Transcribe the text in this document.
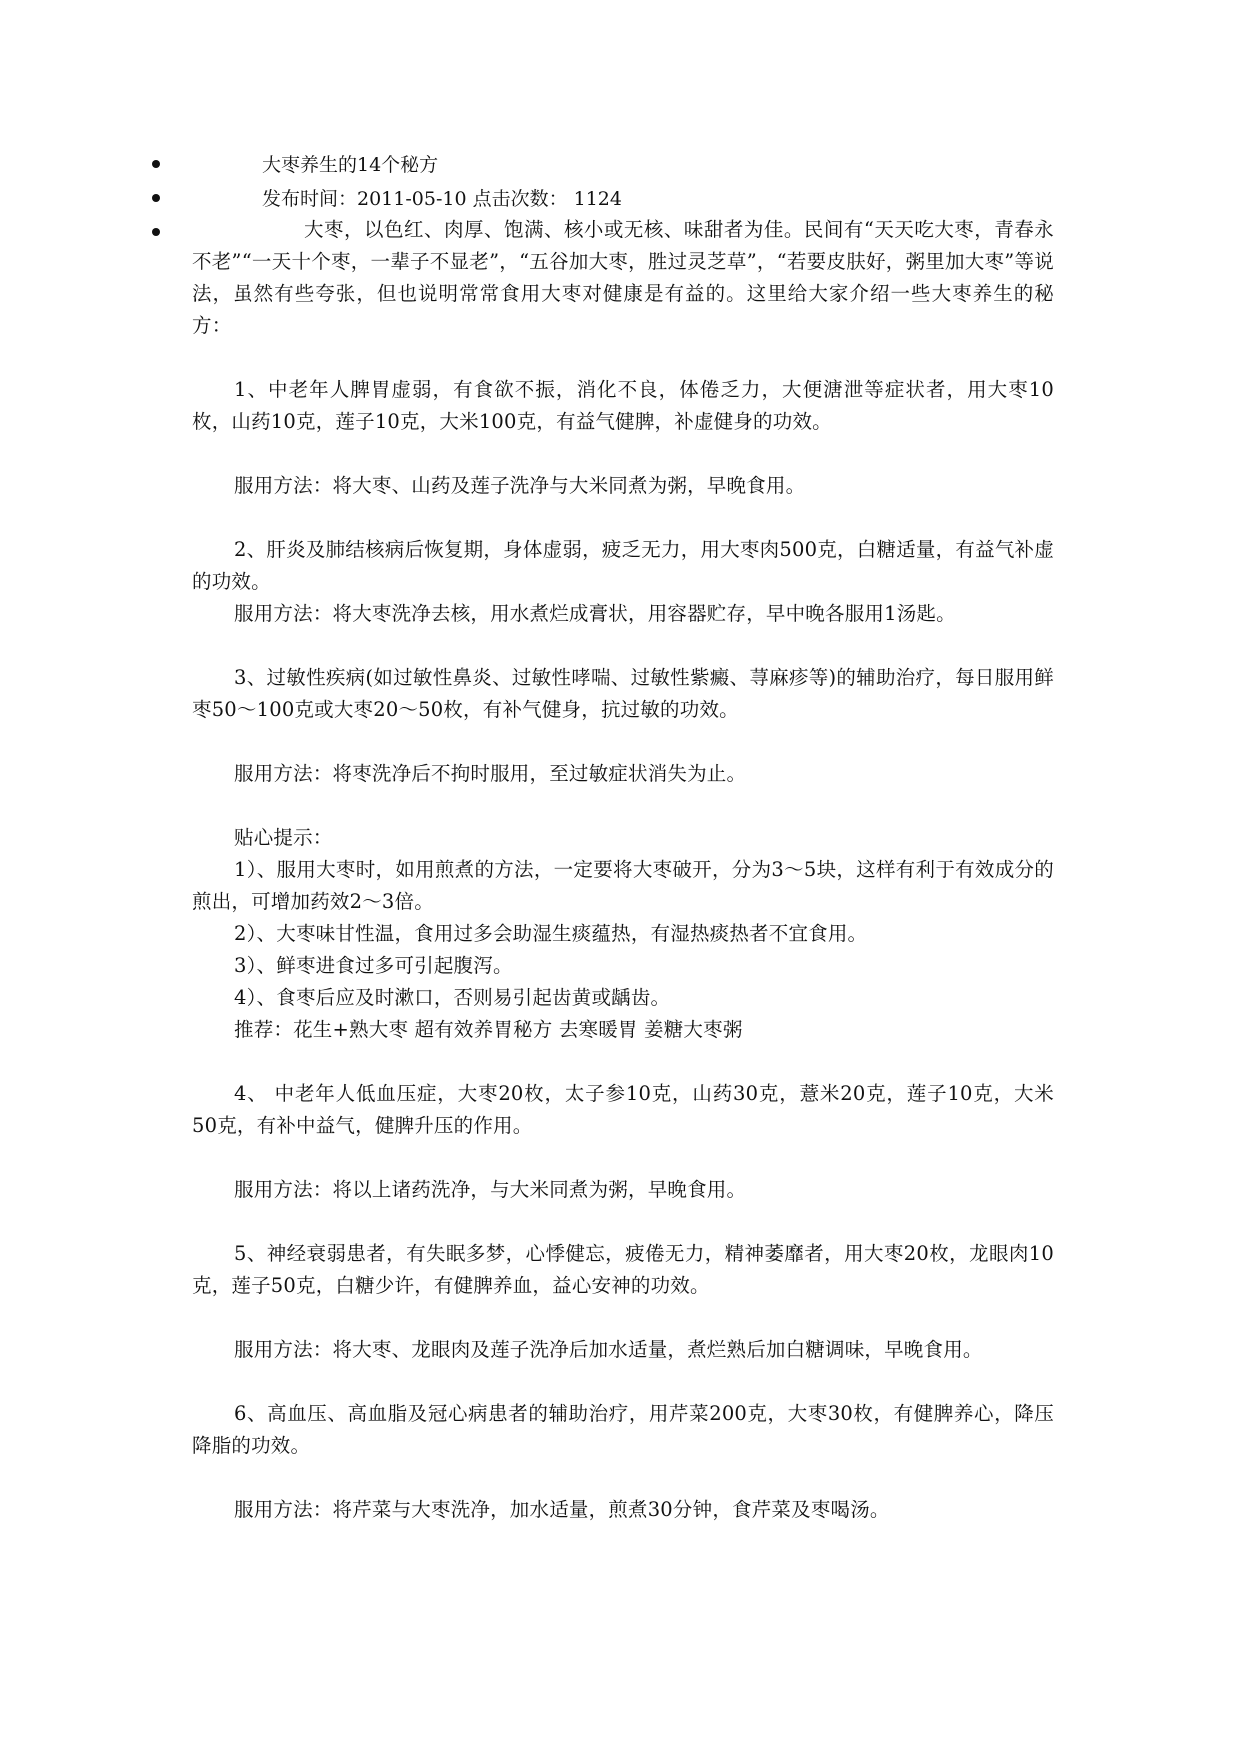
大枣养生的14个秘方
发布时间：2011-05-10 点击次数： 1124

大枣，以色红、肉厚、饱满、核小或无核、味甜者为佳。民间有“天天吃大枣，青春永不老”“一天十个枣，一辈子不显老”，“五谷加大枣，胜过灵芝草”，“若要皮肤好，粥里加大枣”等说法，虽然有些夸张，但也说明常常食用大枣对健康是有益的。这里给大家介绍一些大枣养生的秘方：

1、中老年人脾胃虚弱，有食欲不振，消化不良，体倦乏力，大便溏泄等症状者，用大枣10枚，山药10克，莲子10克，大米100克，有益气健脾，补虚健身的功效。

服用方法：将大枣、山药及莲子洗净与大米同煮为粥，早晚食用。

2、肝炎及肺结核病后恢复期，身体虚弱，疲乏无力，用大枣肉500克，白糖适量，有益气补虚的功效。

服用方法：将大枣洗净去核，用水煮烂成膏状，用容器贮存，早中晚各服用1汤匙。

3、过敏性疾病(如过敏性鼻炎、过敏性哮喘、过敏性紫癜、荨麻疹等)的辅助治疗，每日服用鲜枣50～100克或大枣20～50枚，有补气健身，抗过敏的功效。

服用方法：将枣洗净后不拘时服用，至过敏症状消失为止。

贴心提示：

1）、服用大枣时，如用煎煮的方法，一定要将大枣破开，分为3～5块，这样有利于有效成分的煎出，可增加药效2～3倍。

2）、大枣味甘性温，食用过多会助湿生痰蕴热，有湿热痰热者不宜食用。

3）、鲜枣进食过多可引起腹泻。

4）、食枣后应及时漱口，否则易引起齿黄或龋齿。

推荐：花生+熟大枣 超有效养胃秘方 去寒暖胃 姜糖大枣粥

4、 中老年人低血压症，大枣20枚，太子参10克，山药30克，薏米20克，莲子10克，大米50克，有补中益气，健脾升压的作用。

服用方法：将以上诸药洗净，与大米同煮为粥，早晚食用。

5、神经衰弱患者，有失眠多梦，心悸健忘，疲倦无力，精神萎靡者，用大枣20枚，龙眼肉10克，莲子50克，白糖少许，有健脾养血，益心安神的功效。

服用方法：将大枣、龙眼肉及莲子洗净后加水适量，煮烂熟后加白糖调味，早晚食用。

6、高血压、高血脂及冠心病患者的辅助治疗，用芹菜200克，大枣30枚，有健脾养心，降压降脂的功效。

服用方法：将芹菜与大枣洗净，加水适量，煎煮30分钟，食芹菜及枣喝汤。
